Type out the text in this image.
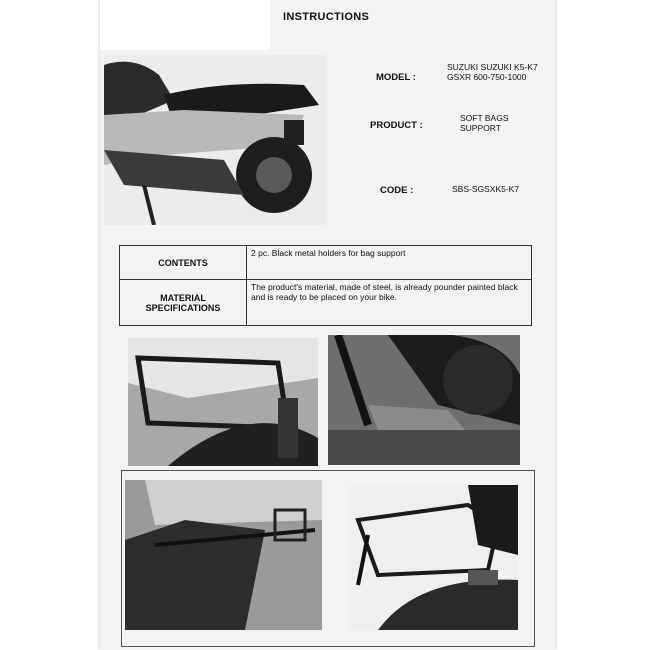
INSTRUCTIONS
MODEL :
SUZUKI SUZUKI K5-K7 GSXR 600-750-1000
PRODUCT :
SOFT BAGS SUPPORT
CODE :	SBS-SGSXK5-K7
CONTENTS	2 pc. Black metal holders for bag support
MATERIAL SPECIFICATIONS	The product's material, made of steel, is already pounder painted black and is ready to be placed on your bike.
